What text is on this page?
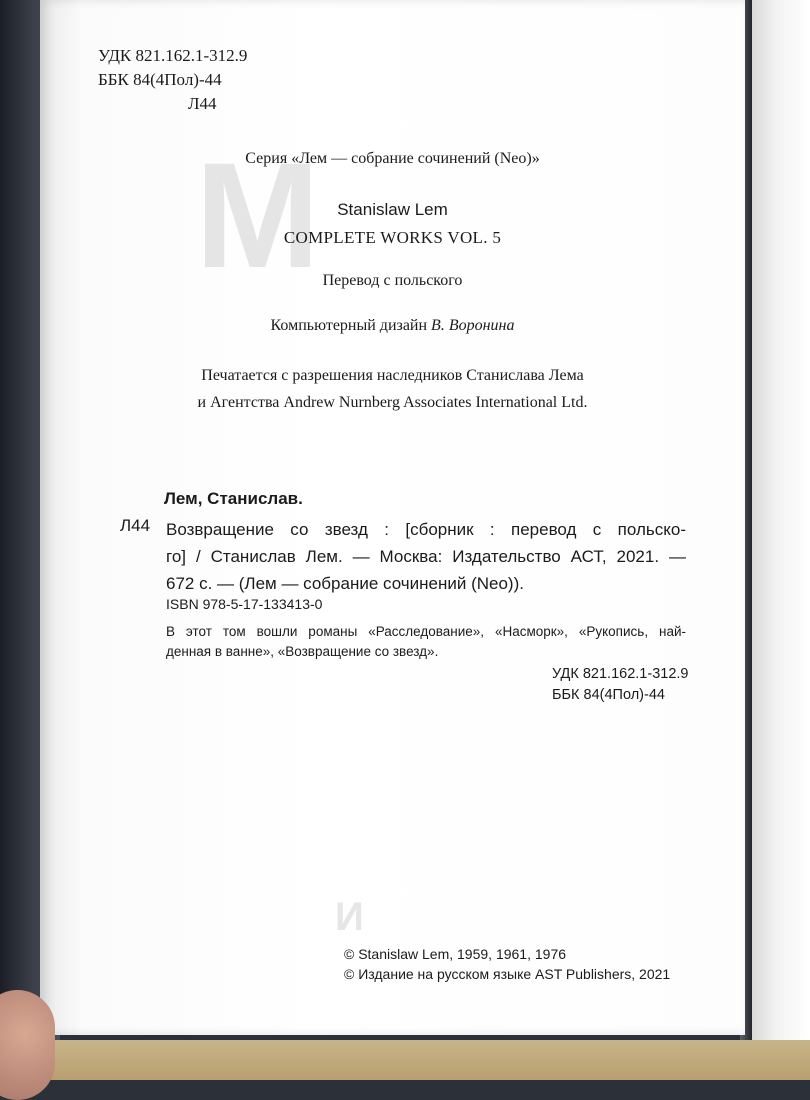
M
УДК 821.162.1-312.9
ББК 84(4Пол)-44
Л44
Серия «Лем — собрание сочинений (Neo)»
Stanislaw Lem
COMPLETE WORKS VOL. 5
Перевод с польского
Компьютерный дизайн В. Воронина
Печатается с разрешения наследников Станислава Лема
и Агентства Andrew Nurnberg Associates International Ltd.
Лем, Станислав.
Л44 Возвращение со звезд : [сборник : перевод с польско-
го] / Станислав Лем. — Москва: Издательство АСТ, 2021. —
672 с. — (Лем — собрание сочинений (Neo)).
ISBN 978-5-17-133413-0
В этот том вошли романы «Расследование», «Насморк», «Рукопись, най-
денная в ванне», «Возвращение со звезд».
УДК 821.162.1-312.9
ББК 84(4Пол)-44
N
© Stanislaw Lem, 1959, 1961, 1976
© Издание на русском языке AST Publishers, 2021
